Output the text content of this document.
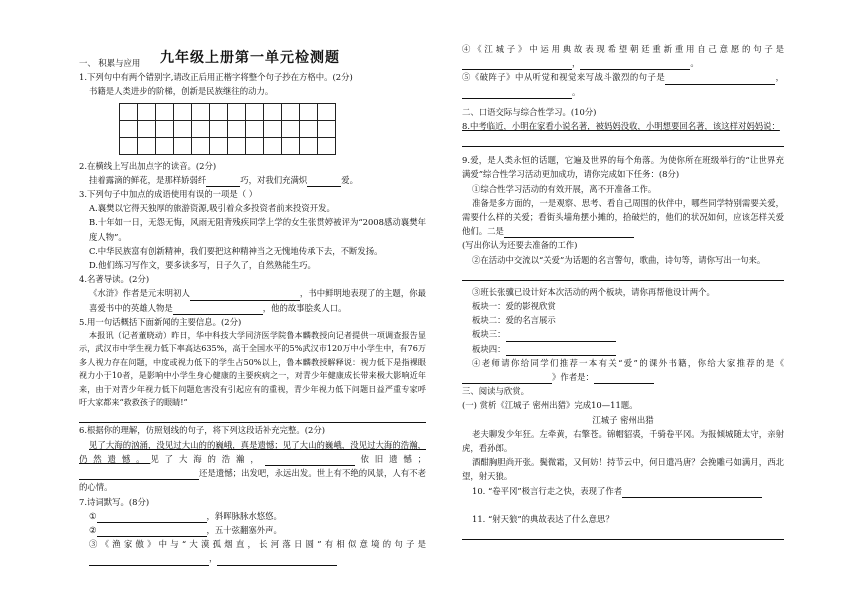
九年级上册第一单元检测题

一、 积累与应用

1.下列句中有两个错别字,请改正后用正楷字将整个句子抄在方格中。(2分)

书籍是人类进步的阶梯，创新是民族继往的动力。

2.在横线上写出加点字的读音。(2分)

挂着露滴的鲜花，是那样娇弱纤	巧，对我们充满炽	爱。

3.下列句子中加点的成语使用有误的一项是（ ）

A.襄樊以它得天独厚的旅游资源,吸引着众多投资者前来投资开发。

B.十年如一日，无怨无悔，风雨无阻背残疾同学上学的女生张贯婷被评为“2008感动襄樊年度人物”。

C.中华民族富有创新精神，我们要把这种精神当之无愧地传承下去，不断发扬。

D.他们练习写作文，要多读多写，日子久了，自然熟能生巧。

4.名著导读。(2分)

《水浒》作者是元末明初人	，书中鲜明地表现了的主题，你最喜爱书中的英雄人物是	，他的故事脍炙人口。

5.用一句话概括下面新闻的主要信息。(2分)

本报讯（记者董晓动）昨日，华中科技大学同济医学院鲁本麟教授向记者提供一项调查报告显示，武汉市中学生视力低下率高达635%，高于全国水平的5%武汉市120万中小学生中，有76万多人视力存在问题，中度或视力低下的学生占50%以上，鲁本麟教授解释说：视力低下是指裸眼视力小于10者，是影响中小学生身心健康的主要疾病之一，对青少年健康成长带来极大影响近年来，由于对青少年视力低下问题危害没有引起应有的重视，青少年视力低下问题日益严重专家呼吁大家都来“救救孩子的眼睛!”

6.根据你的理解，仿照划线的句子，将下列这段话补充完整。(2分)

见了大海的汹涌，没见过大山的的巍峨，真是遗憾；见了大山的巍峨，没见过大海的浩瀚，仍然遗憾。见了大海的浩瀚，	依旧遗憾；还是遗憾；出发吧，永远出发。世上有不绝的风景，人有不老的心情。

7.诗词默写。(8分)

①	，斜晖脉脉水悠悠。

②	，五十弦翻塞外声。

③《渔家傲》中与“大漠孤烟直，长河落日圆”有相似意境的句子是，

④《江城子》中运用典故表现希望朝廷重新重用自己意愿的句子是，	。

⑤《破阵子》中从听觉和视觉来写战斗激烈的句子是	，。

二、口语交际与综合性学习。(10分)

8.中考临近，小明在家看小说名著，被妈妈没收，小明想要回名著，该这样对妈妈说：

9.爱，是人类永恒的话题，它遍及世界的每个角落。为使你所在班级举行的“让世界充满爱”综合性学习活动更加成功，请你完成如下任务：(8分)

①综合性学习活动的有效开展，离不开准备工作。

准备是多方面的，一是观察、思考、看自己周围的伙伴中，哪些同学特别需要关爱，需要什么样的关爱；看街头墙角摆小摊的，拾破烂的，他们的状况如何，应该怎样关爱他们。二是

(写出你认为还要去准备的工作)

②在活动中交流以“关爱”为话题的名言警句，歌曲，诗句等，请你写出一句来。

③班长张骥已设计好本次活动的两个板块，请你再帮他设计两个。

板块一：爱的影视欣赏

板块二：爱的名言展示

板块三：

板块四：

④老师请你给同学们推荐一本有关“爱”的课外书籍，你给大家推荐的是《》作者是：

三、阅读与欣赏。

(一) 赏析《江城子 密州出猎》完成10—11题。

江城子 密州出猎

老夫聊发少年狂。左牵黄，右擎苍。锦帽貂裘，千骑卷平冈。为报倾城随太守，亲射虎，看孙郎。

酒酣胸胆尚开张。鬓微霜，又何妨！持节云中，何日遣冯唐？会挽雕弓如满月，西北望，射天狼。

10. “卷平冈”极言行走之快，表现了作者

11. “射天狼”的典故表达了什么意思？
